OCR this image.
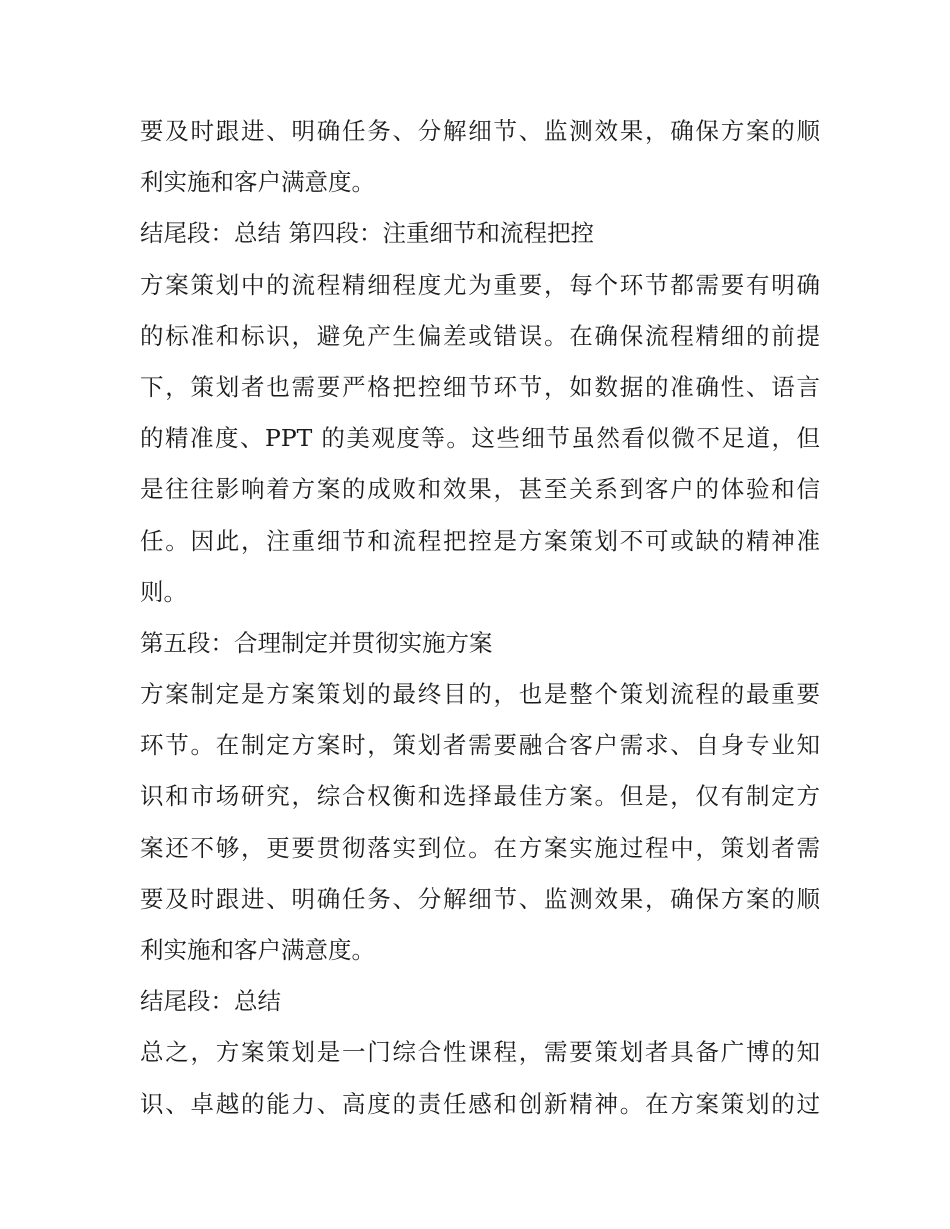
要及时跟进、明确任务、分解细节、监测效果，确保方案的顺
利实施和客户满意度。
结尾段：总结 第四段：注重细节和流程把控
方案策划中的流程精细程度尤为重要，每个环节都需要有明确
的标准和标识，避免产生偏差或错误。在确保流程精细的前提
下，策划者也需要严格把控细节环节，如数据的准确性、语言
的精准度、PPT 的美观度等。这些细节虽然看似微不足道，但
是往往影响着方案的成败和效果，甚至关系到客户的体验和信
任。因此，注重细节和流程把控是方案策划不可或缺的精神准
则。
第五段：合理制定并贯彻实施方案
方案制定是方案策划的最终目的，也是整个策划流程的最重要
环节。在制定方案时，策划者需要融合客户需求、自身专业知
识和市场研究，综合权衡和选择最佳方案。但是，仅有制定方
案还不够，更要贯彻落实到位。在方案实施过程中，策划者需
要及时跟进、明确任务、分解细节、监测效果，确保方案的顺
利实施和客户满意度。
结尾段：总结
总之，方案策划是一门综合性课程，需要策划者具备广博的知
识、卓越的能力、高度的责任感和创新精神。在方案策划的过
